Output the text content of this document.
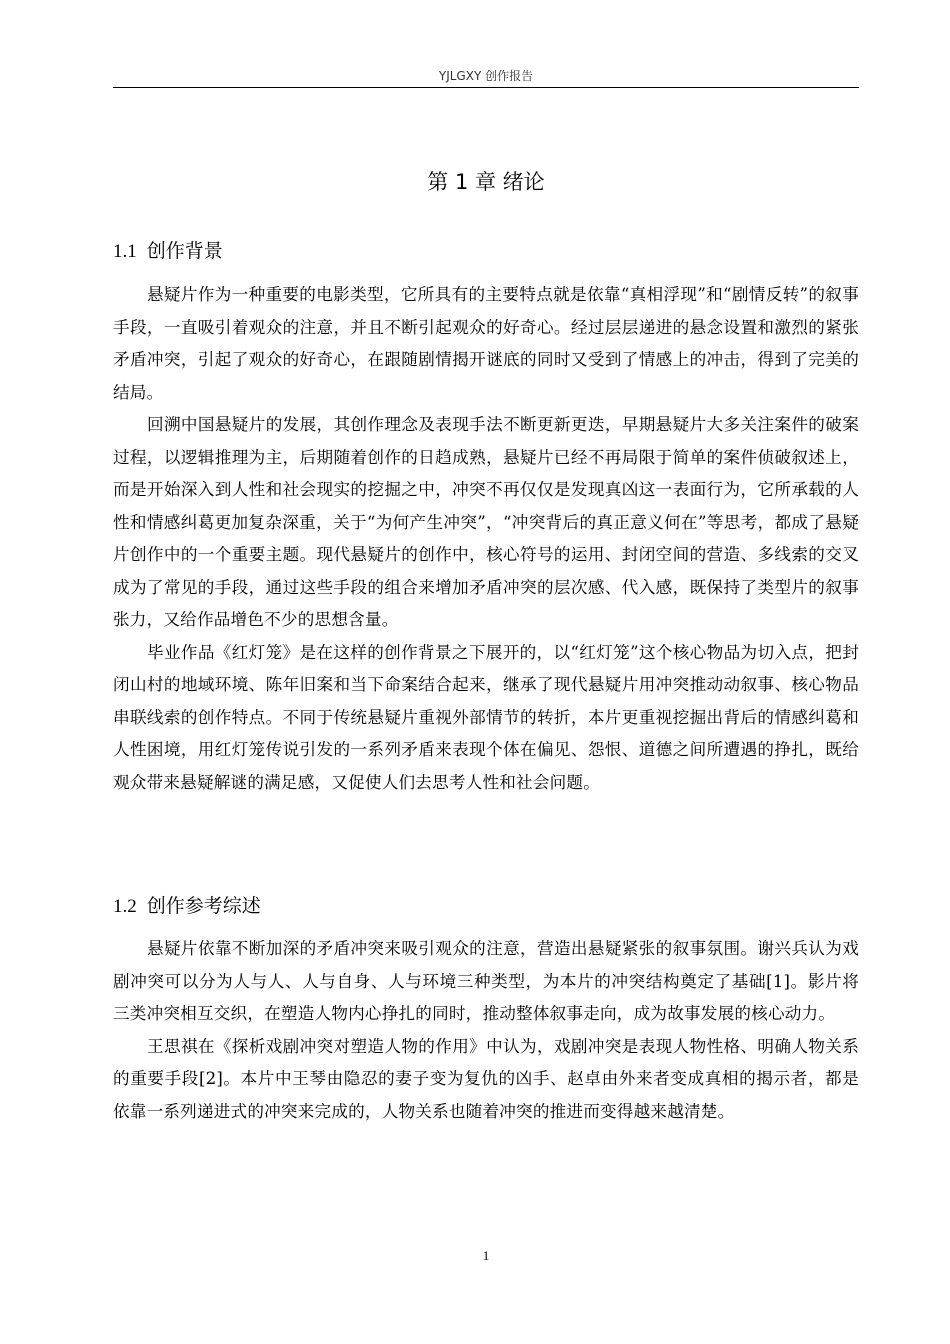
YJLGXY 创作报告
第 1 章 绪论
1.1 创作背景

悬疑片作为一种重要的电影类型，它所具有的主要特点就是依靠“真相浮现”和“剧情反转”的叙事手段，一直吸引着观众的注意，并且不断引起观众的好奇心。经过层层递进的悬念设置和激烈的紧张矛盾冲突，引起了观众的好奇心，在跟随剧情揭开谜底的同时又受到了情感上的冲击，得到了完美的结局。

回溯中国悬疑片的发展，其创作理念及表现手法不断更新更迭，早期悬疑片大多关注案件的破案过程，以逻辑推理为主，后期随着创作的日趋成熟，悬疑片已经不再局限于简单的案件侦破叙述上，而是开始深入到人性和社会现实的挖掘之中，冲突不再仅仅是发现真凶这一表面行为，它所承载的人性和情感纠葛更加复杂深重，关于“为何产生冲突”，“冲突背后的真正意义何在”等思考，都成了悬疑片创作中的一个重要主题。现代悬疑片的创作中，核心符号的运用、封闭空间的营造、多线索的交叉成为了常见的手段，通过这些手段的组合来增加矛盾冲突的层次感、代入感，既保持了类型片的叙事张力，又给作品增色不少的思想含量。

毕业作品《红灯笼》是在这样的创作背景之下展开的，以“红灯笼”这个核心物品为切入点，把封闭山村的地域环境、陈年旧案和当下命案结合起来，继承了现代悬疑片用冲突推动动叙事、核心物品串联线索的创作特点。不同于传统悬疑片重视外部情节的转折，本片更重视挖掘出背后的情感纠葛和人性困境，用红灯笼传说引发的一系列矛盾来表现个体在偏见、怨恨、道德之间所遭遇的挣扎，既给观众带来悬疑解谜的满足感，又促使人们去思考人性和社会问题。

1.2 创作参考综述

悬疑片依靠不断加深的矛盾冲突来吸引观众的注意，营造出悬疑紧张的叙事氛围。谢兴兵认为戏剧冲突可以分为人与人、人与自身、人与环境三种类型，为本片的冲突结构奠定了基础[1]。影片将三类冲突相互交织，在塑造人物内心挣扎的同时，推动整体叙事走向，成为故事发展的核心动力。

王思祺在《探析戏剧冲突对塑造人物的作用》中认为，戏剧冲突是表现人物性格、明确人物关系的重要手段[2]。本片中王琴由隐忍的妻子变为复仇的凶手、赵卓由外来者变成真相的揭示者，都是依靠一系列递进式的冲突来完成的，人物关系也随着冲突的推进而变得越来越清楚。

1
